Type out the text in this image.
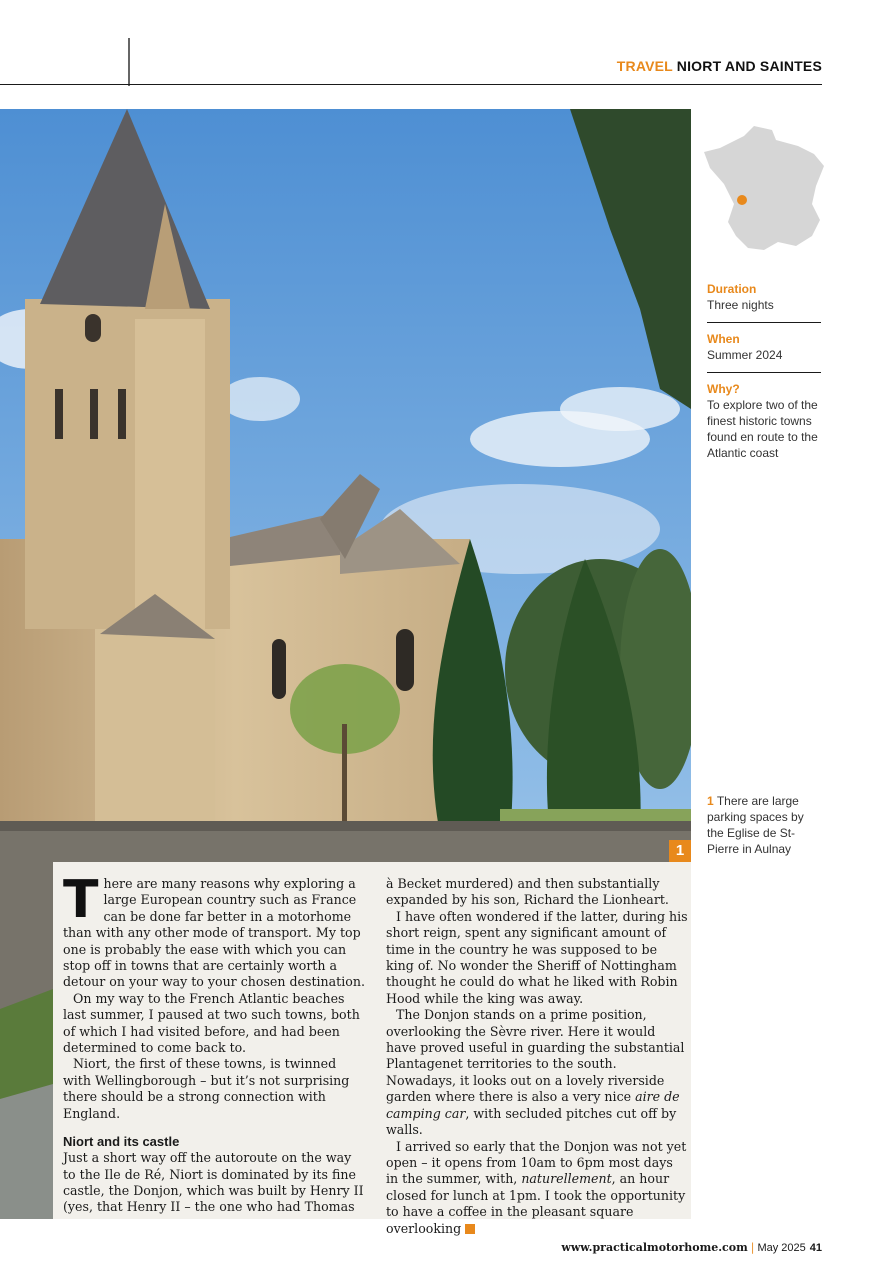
TRAVEL NIORT AND SAINTES
1

There are many reasons why exploring a large European country such as France can be done far better in a motorhome than with any other mode of transport. My top one is probably the ease with which you can stop off in towns that are certainly worth a detour on your way to your chosen destination.

On my way to the French Atlantic beaches last summer, I paused at two such towns, both of which I had visited before, and had been determined to come back to.

Niort, the first of these towns, is twinned with Wellingborough – but it’s not surprising there should be a strong connection with England.

Niort and its castle

Just a short way off the autoroute on the way to the Ile de Ré, Niort is dominated by its fine castle, the Donjon, which was built by Henry II (yes, that Henry II – the one who had Thomas

à Becket murdered) and then substantially expanded by his son, Richard the Lionheart.

I have often wondered if the latter, during his short reign, spent any significant amount of time in the country he was supposed to be king of. No wonder the Sheriff of Nottingham thought he could do what he liked with Robin Hood while the king was away.

The Donjon stands on a prime position, overlooking the Sèvre river. Here it would have proved useful in guarding the substantial Plantagenet territories to the south. Nowadays, it looks out on a lovely riverside garden where there is also a very nice aire de camping car, with secluded pitches cut off by walls.

I arrived so early that the Donjon was not yet open – it opens from 10am to 6pm most days in the summer, with, naturellement, an hour closed for lunch at 1pm. I took the opportunity to have a coffee in the pleasant square overlooking ▸

Duration
Three nights
When
Summer 2024
Why?
To explore two of the finest historic towns found en route to the Atlantic coast
1 There are large parking spaces by the Eglise de St-Pierre in Aulnay
www.practicalmotorhome.com | May 2025 41
